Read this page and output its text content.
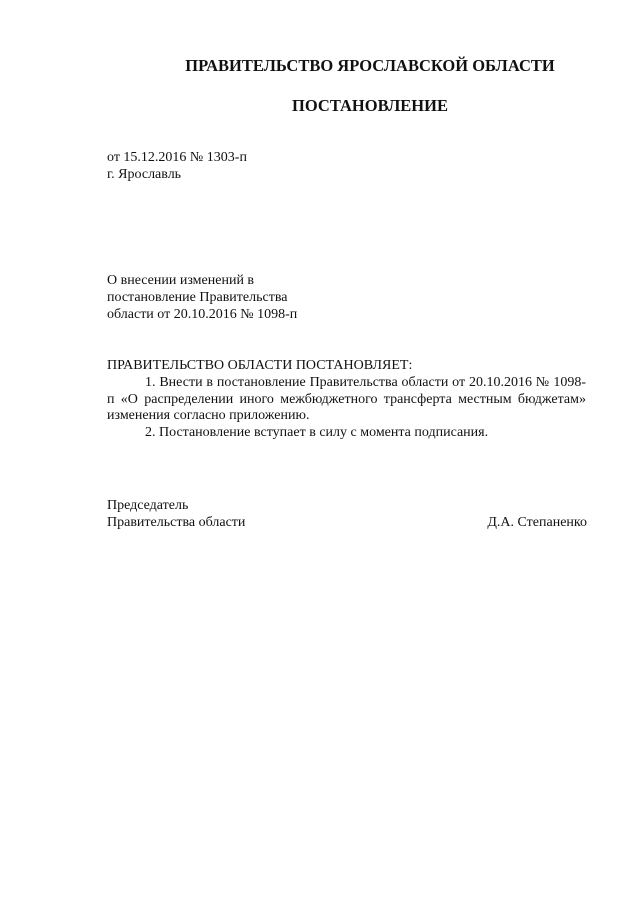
ПРАВИТЕЛЬСТВО ЯРОСЛАВСКОЙ ОБЛАСТИ
ПОСТАНОВЛЕНИЕ
от 15.12.2016 № 1303-п
г. Ярославль
О внесении изменений в
постановление Правительства
области от 20.10.2016 № 1098-п
ПРАВИТЕЛЬСТВО ОБЛАСТИ ПОСТАНОВЛЯЕТ:

1. Внести в постановление Правительства области от 20.10.2016 № 1098-п «О распределении иного межбюджетного трансферта местным бюджетам» изменения согласно приложению.

2. Постановление вступает в силу с момента подписания.

Председатель
Правительства области	Д.А. Степаненко
